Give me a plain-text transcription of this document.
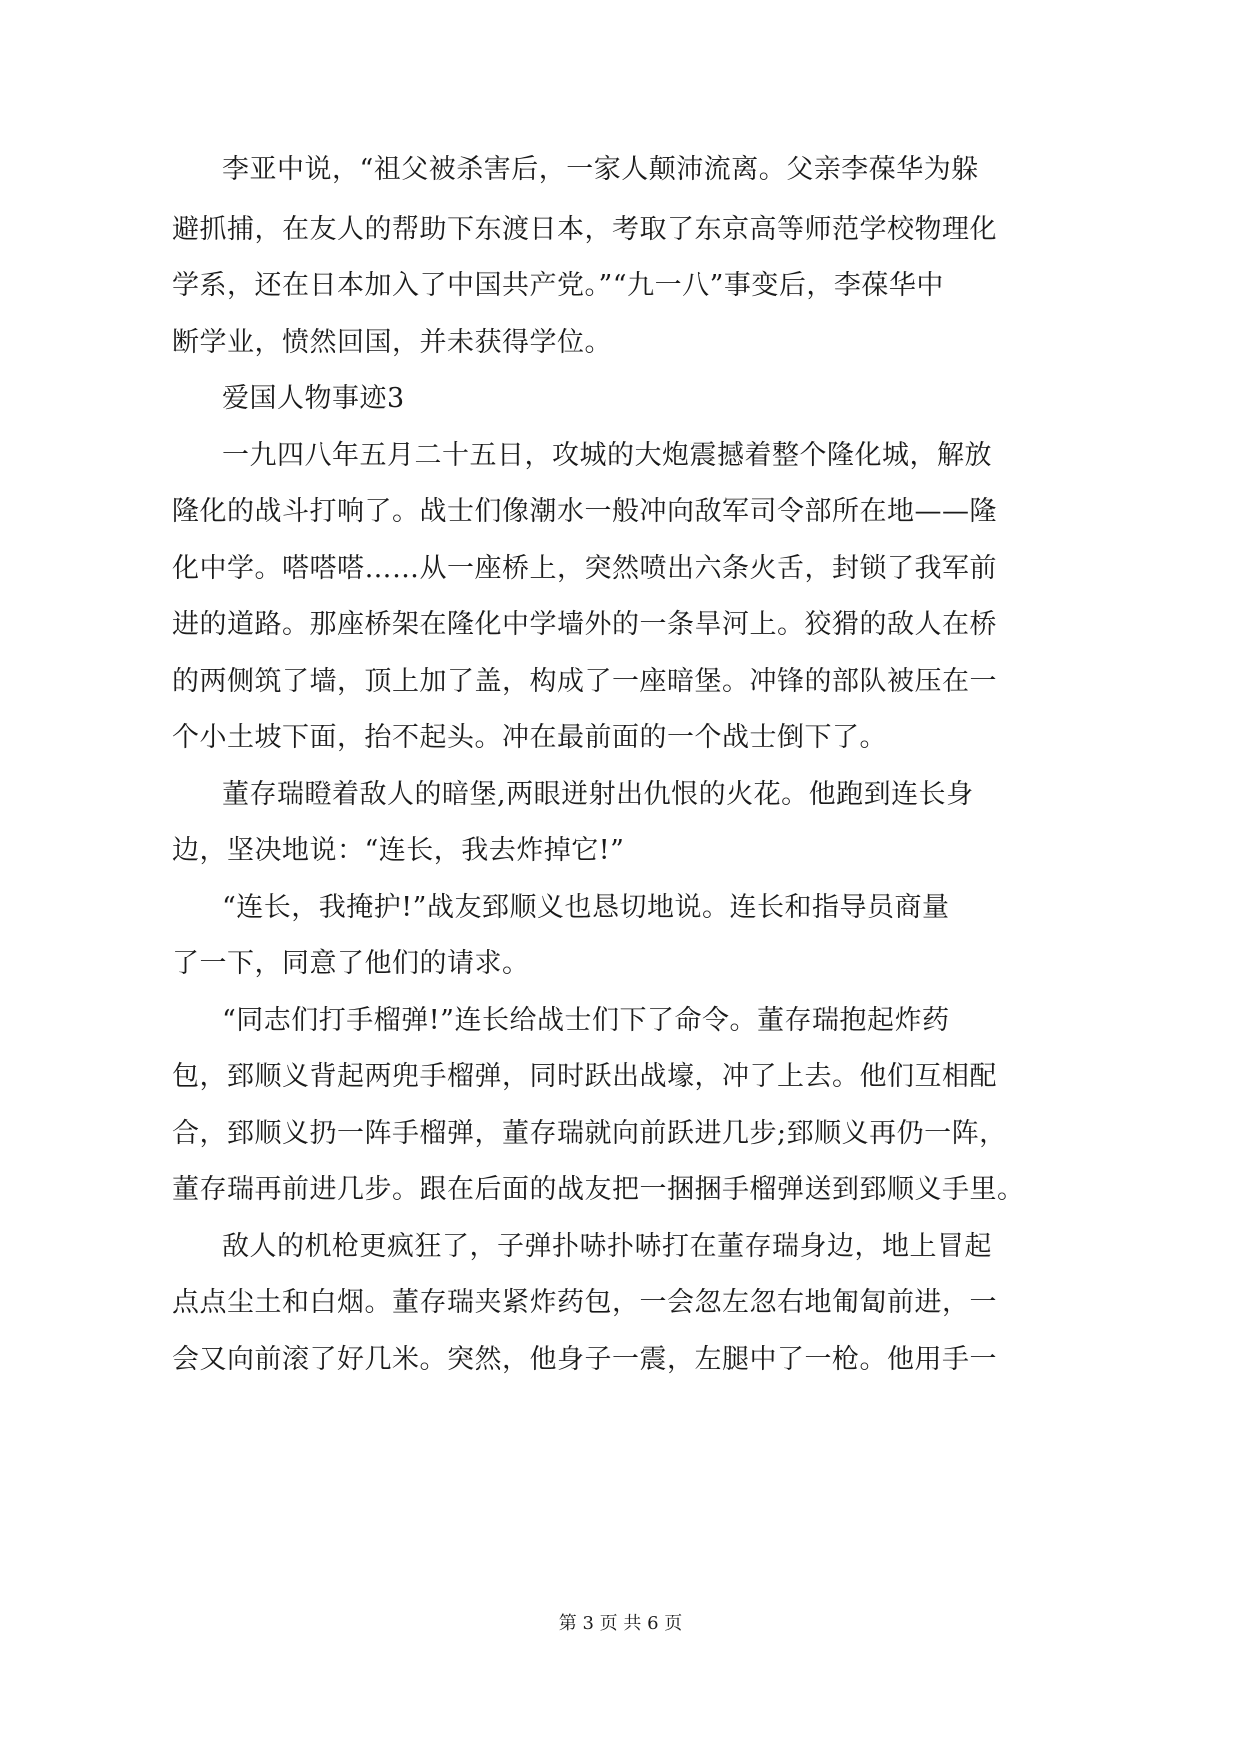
李亚中说，“祖父被杀害后，一家人颠沛流离。父亲李葆华为躲
避抓捕，在友人的帮助下东渡日本，考取了东京高等师范学校物理化
学系，还在日本加入了中国共产党。”“九一八”事变后，李葆华中
断学业，愤然回国，并未获得学位。
爱国人物事迹3
一九四八年五月二十五日，攻城的大炮震撼着整个隆化城，解放
隆化的战斗打响了。战士们像潮水一般冲向敌军司令部所在地——隆
化中学。嗒嗒嗒……从一座桥上，突然喷出六条火舌，封锁了我军前
进的道路。那座桥架在隆化中学墙外的一条旱河上。狡猾的敌人在桥
的两侧筑了墙，顶上加了盖，构成了一座暗堡。冲锋的部队被压在一
个小土坡下面，抬不起头。冲在最前面的一个战士倒下了。
董存瑞瞪着敌人的暗堡,两眼迸射出仇恨的火花。他跑到连长身
边，坚决地说：“连长，我去炸掉它!”
“连长，我掩护!”战友郅顺义也恳切地说。连长和指导员商量
了一下，同意了他们的请求。
“同志们打手榴弹!”连长给战士们下了命令。董存瑞抱起炸药
包，郅顺义背起两兜手榴弹，同时跃出战壕，冲了上去。他们互相配
合，郅顺义扔一阵手榴弹，董存瑞就向前跃进几步;郅顺义再仍一阵，
董存瑞再前进几步。跟在后面的战友把一捆捆手榴弹送到郅顺义手里。
敌人的机枪更疯狂了，子弹扑哧扑哧打在董存瑞身边，地上冒起
点点尘土和白烟。董存瑞夹紧炸药包，一会忽左忽右地匍匐前进，一
会又向前滚了好几米。突然，他身子一震，左腿中了一枪。他用手一
第 3 页 共 6 页
